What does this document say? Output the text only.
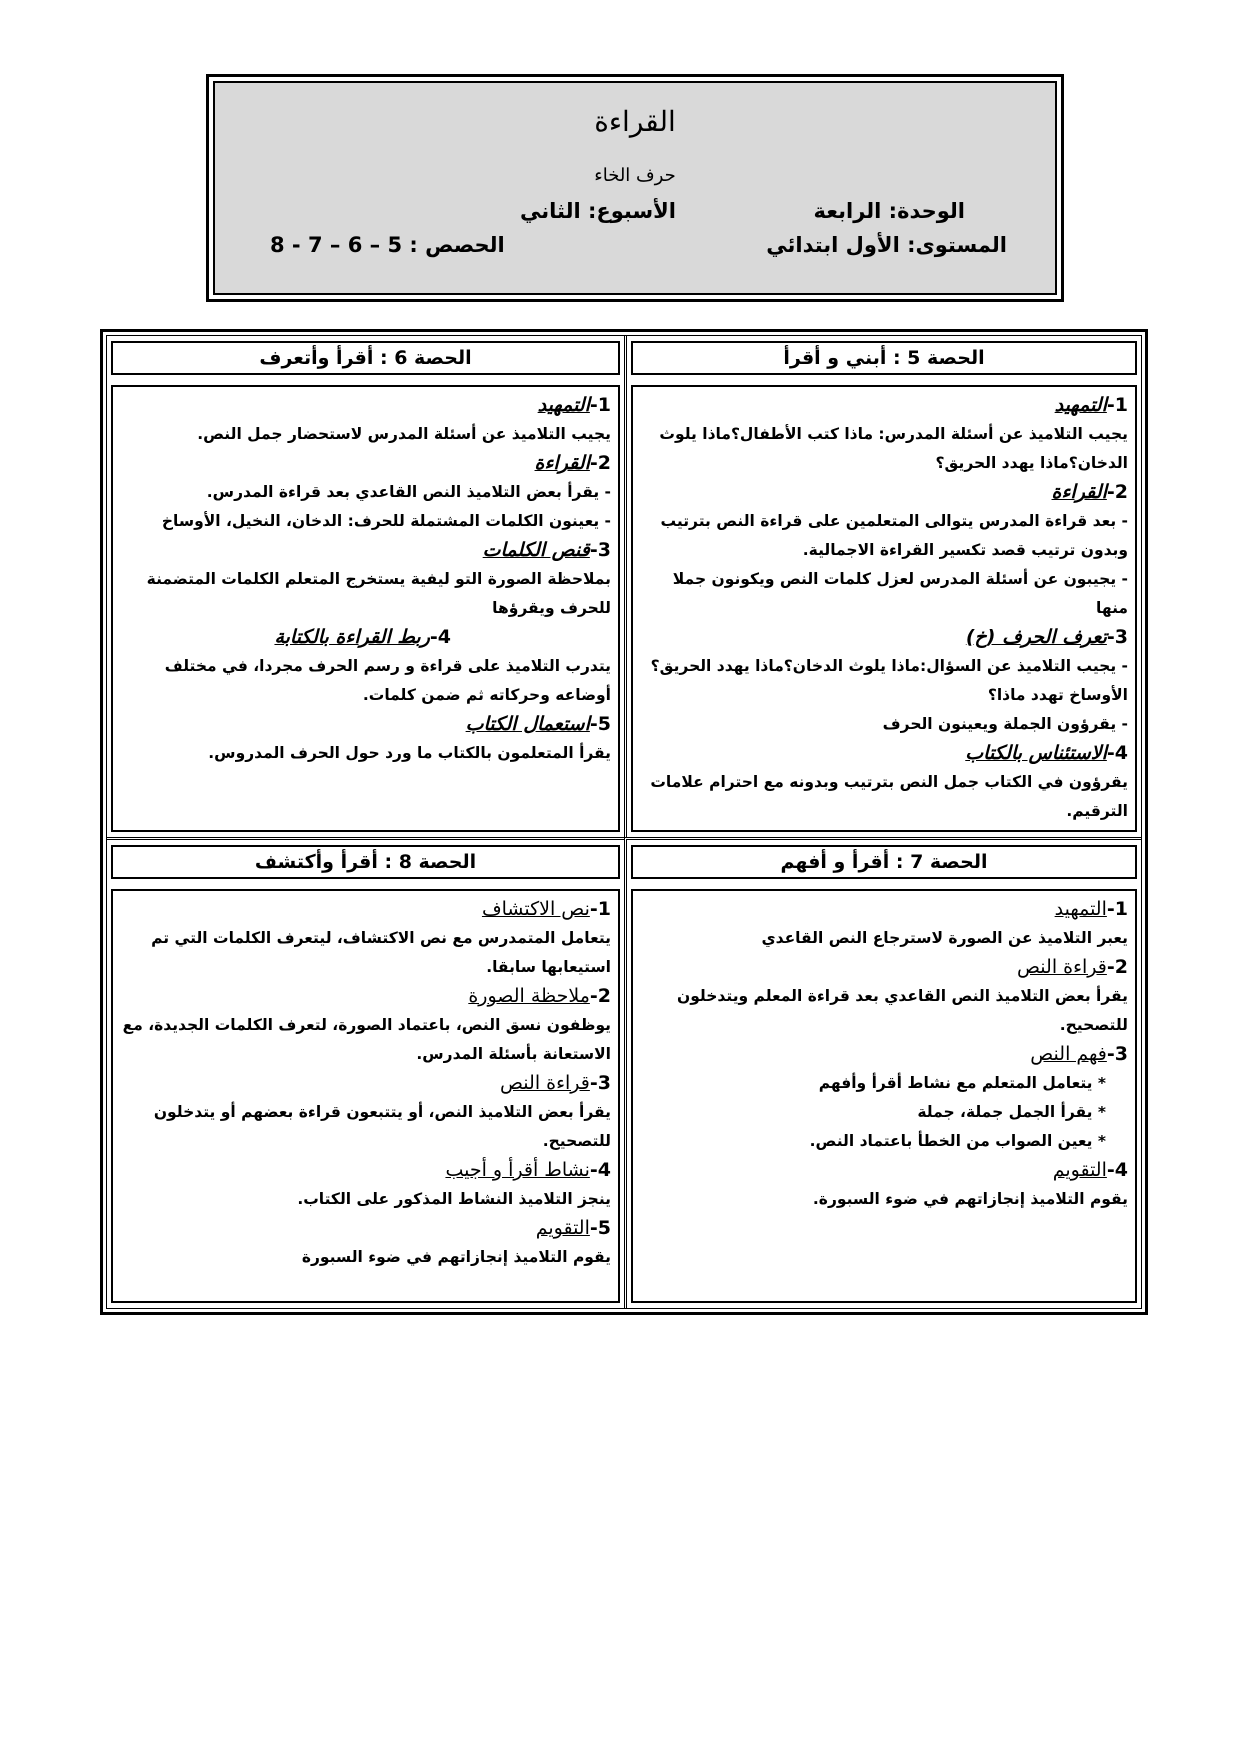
القراءة
حرف الخاء
الوحدة: الرابعة
الأسبوع: الثاني
المستوى: الأول ابتدائي
الحصص : 5 – 6 – 7 - 8
الحصة 5 : أبني و أقرأ
1-التمهيد
يجيب التلاميذ عن أسئلة المدرس: ماذا كتب الأطفال؟ماذا يلوث الدخان؟ماذا يهدد الحريق؟
2-القراءة
- بعد قراءة المدرس يتوالى المتعلمين على قراءة النص بترتيب وبدون ترتيب قصد تكسير القراءة الاجمالية.
- يجيبون عن أسئلة المدرس لعزل كلمات النص ويكونون جملا منها
3-تعرف الحرف (خ)
- يجيب التلاميذ عن السؤال:ماذا يلوث الدخان؟ماذا يهدد الحريق؟الأوساخ تهدد ماذا؟
- يقرؤون الجملة ويعينون الحرف
4-الاستئناس بالكتاب
يقرؤون في الكتاب جمل النص بترتيب وبدونه مع احترام علامات الترقيم.
الحصة 6 : أقرأ وأتعرف
1-التمهيد
يجيب التلاميذ عن أسئلة المدرس لاستحضار جمل النص.
2-القراءة
- يقرأ بعض التلاميذ النص القاعدي بعد قراءة المدرس.
- يعينون الكلمات المشتملة للحرف: الدخان، النخيل، الأوساخ
3-قنص الكلمات
بملاحظة الصورة التو ليفية يستخرج المتعلم الكلمات المتضمنة للحرف ويقرؤها
4-ربط القراءة بالكتابة
يتدرب التلاميذ على قراءة و رسم الحرف مجردا، في مختلف أوضاعه وحركاته ثم ضمن كلمات.
5-استعمال الكتاب
يقرأ المتعلمون بالكتاب ما ورد حول الحرف المدروس.
الحصة 7 : أقرأ و أفهم
1-التمهيد
يعبر التلاميذ عن الصورة لاسترجاع النص القاعدي
2-قراءة النص
يقرأ بعض التلاميذ النص القاعدي بعد قراءة المعلم ويتدخلون للتصحيح.
3-فهم النص
* يتعامل المتعلم مع نشاط أقرأ وأفهم
* يقرأ الجمل جملة، جملة
* يعين الصواب من الخطأ باعتماد النص.
4-التقويم
يقوم التلاميذ إنجازاتهم في ضوء السبورة.
الحصة 8 : أقرأ وأكتشف
1-نص الاكتشاف
يتعامل المتمدرس مع نص الاكتشاف، ليتعرف الكلمات التي تم استيعابها سابقا.
2-ملاحظة الصورة
يوظفون نسق النص، باعتماد الصورة، لتعرف الكلمات الجديدة، مع الاستعانة بأسئلة المدرس.
3-قراءة النص
يقرأ بعض التلاميذ النص، أو يتتبعون قراءة بعضهم أو يتدخلون للتصحيح.
4-نشاط أقرأ و أجيب
ينجز التلاميذ النشاط المذكور على الكتاب.
5-التقويم
يقوم التلاميذ إنجازاتهم في ضوء السبورة
